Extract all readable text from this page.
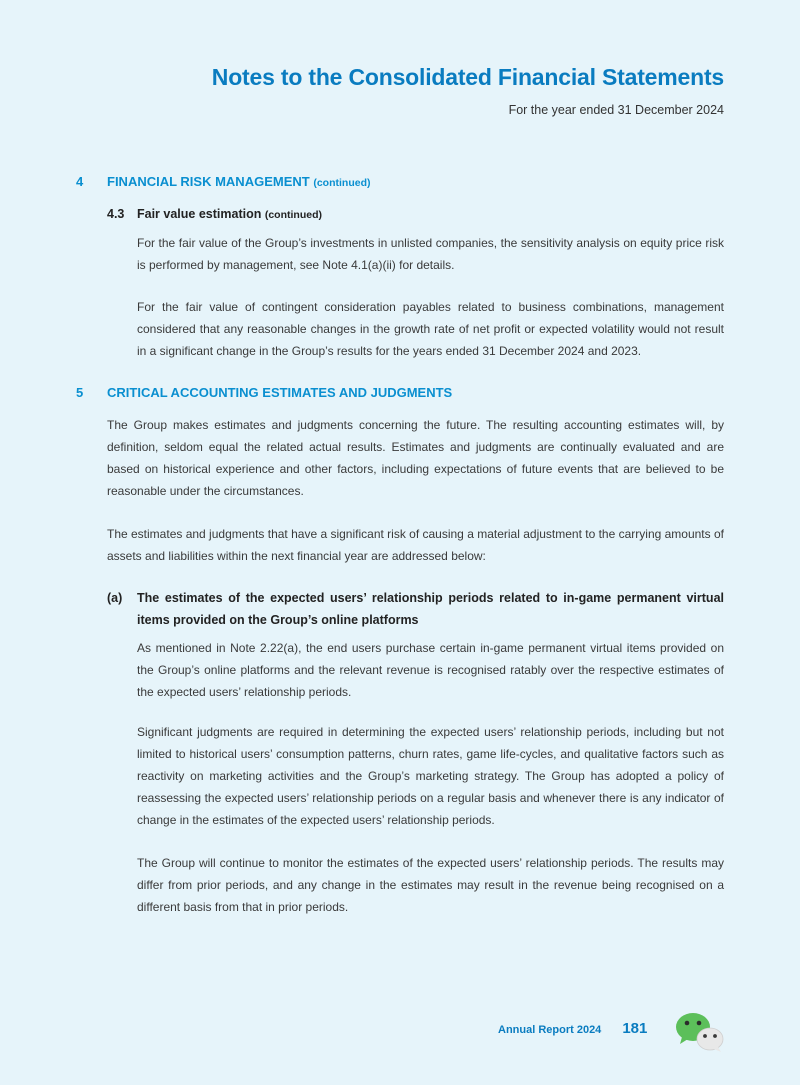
Notes to the Consolidated Financial Statements
For the year ended 31 December 2024
4	FINANCIAL RISK MANAGEMENT (continued)
4.3	Fair value estimation (continued)

For the fair value of the Group’s investments in unlisted companies, the sensitivity analysis on equity price risk is performed by management, see Note 4.1(a)(ii) for details.

For the fair value of contingent consideration payables related to business combinations, management considered that any reasonable changes in the growth rate of net profit or expected volatility would not result in a significant change in the Group’s results for the years ended 31 December 2024 and 2023.

5	CRITICAL ACCOUNTING ESTIMATES AND JUDGMENTS

The Group makes estimates and judgments concerning the future. The resulting accounting estimates will, by definition, seldom equal the related actual results. Estimates and judgments are continually evaluated and are based on historical experience and other factors, including expectations of future events that are believed to be reasonable under the circumstances.

The estimates and judgments that have a significant risk of causing a material adjustment to the carrying amounts of assets and liabilities within the next financial year are addressed below:

(a)	The estimates of the expected users’ relationship periods related to in-game permanent virtual items provided on the Group’s online platforms

As mentioned in Note 2.22(a), the end users purchase certain in-game permanent virtual items provided on the Group’s online platforms and the relevant revenue is recognised ratably over the respective estimates of the expected users’ relationship periods.

Significant judgments are required in determining the expected users’ relationship periods, including but not limited to historical users’ consumption patterns, churn rates, game life-cycles, and qualitative factors such as reactivity on marketing activities and the Group’s marketing strategy. The Group has adopted a policy of reassessing the expected users’ relationship periods on a regular basis and whenever there is any indicator of change in the estimates of the expected users’ relationship periods.

The Group will continue to monitor the estimates of the expected users’ relationship periods. The results may differ from prior periods, and any change in the estimates may result in the revenue being recognised on a different basis from that in prior periods.

Annual Report 2024 181
